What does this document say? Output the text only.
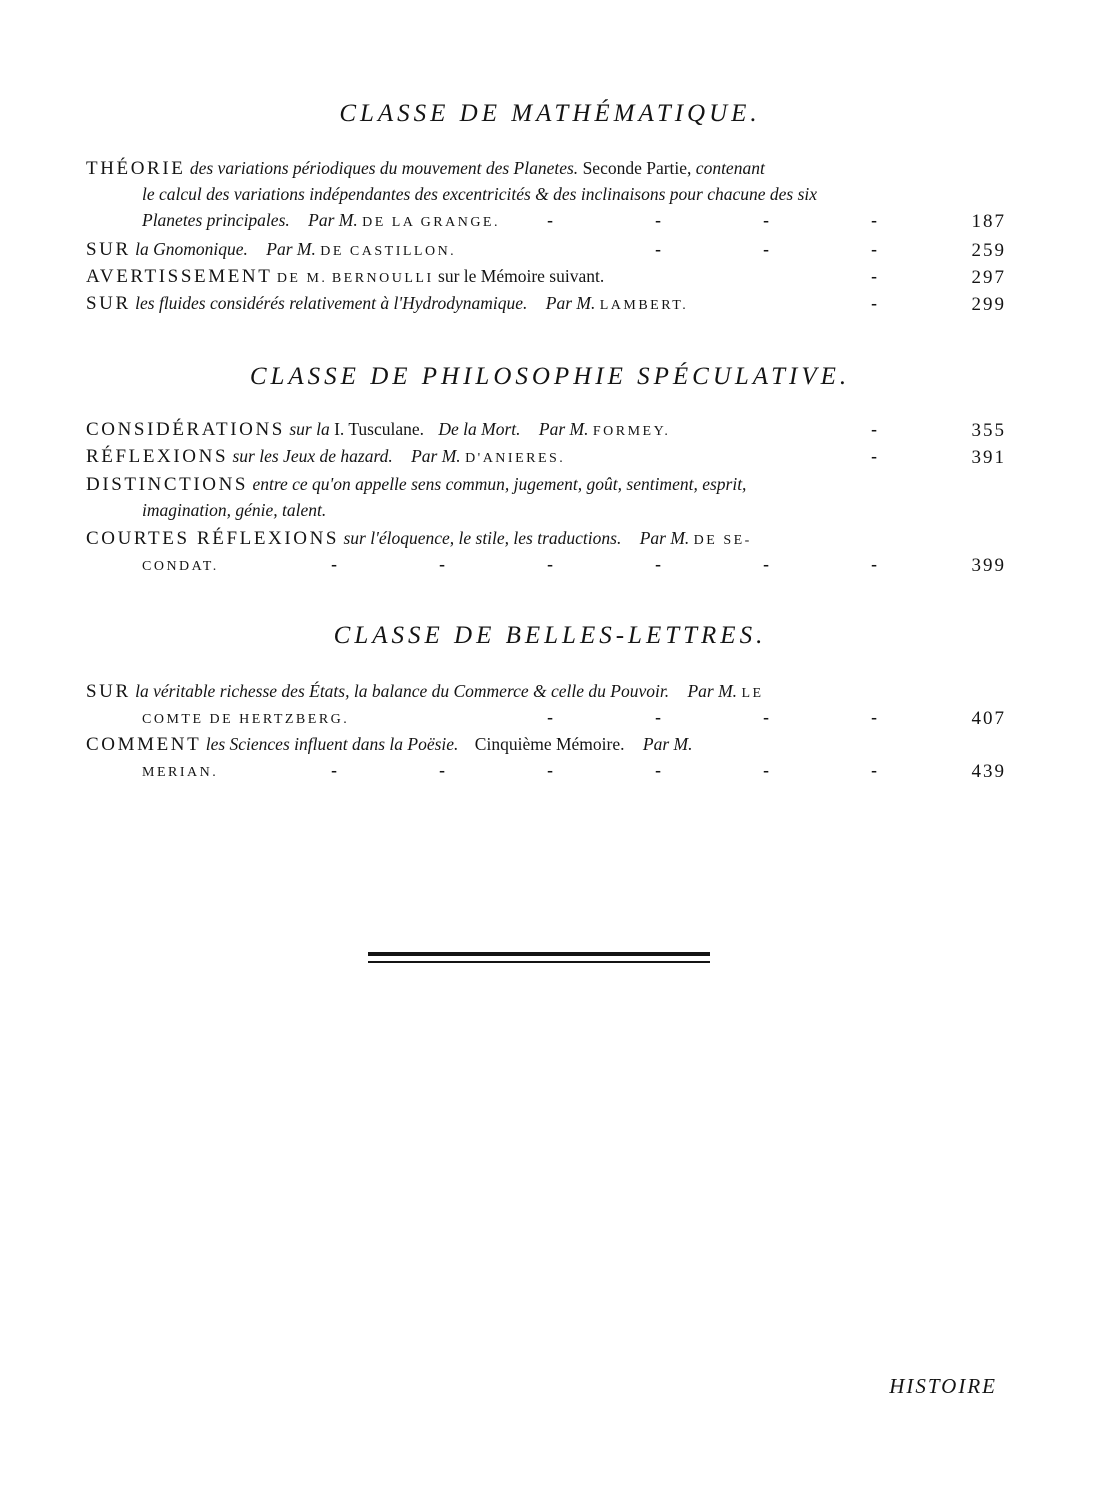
CLASSE DE MATHÉMATIQUE.
THÉORIE des variations périodiques du mouvement des Planetes. Seconde Partie, contenant
le calcul des variations indépendantes des excentricités & des inclinaisons pour chacune des six
Planetes principales. Par M. DE LA GRANGE.	-	-	-	-	187
SUR la Gnomonique. Par M. DE CASTILLON.	-	-	-	259
AVERTISSEMENT DE M. BERNOULLI sur le Mémoire suivant.	-	297
SUR les fluides considérés relativement à l'Hydrodynamique. Par M. LAMBERT.	-	299
CLASSE DE PHILOSOPHIE SPÉCULATIVE.
CONSIDÉRATIONS sur la I. Tusculane. De la Mort. Par M. FORMEY.	-	355
RÉFLEXIONS sur les Jeux de hazard. Par M. D'ANIERES.	-	391
DISTINCTIONS entre ce qu'on appelle sens commun, jugement, goût, sentiment, esprit,
imagination, génie, talent.
COURTES RÉFLEXIONS sur l'éloquence, le stile, les traductions. Par M. DE SE-
CONDAT.	-	-	-	-	-	-	399
CLASSE DE BELLES-LETTRES.
SUR la véritable richesse des États, la balance du Commerce & celle du Pouvoir. Par M. LE
COMTE DE HERTZBERG.	-	-	-	-	407
COMMENT les Sciences influent dans la Poësie. Cinquième Mémoire. Par M.
MERIAN.	-	-	-	-	-	-	439
HISTOIRE
